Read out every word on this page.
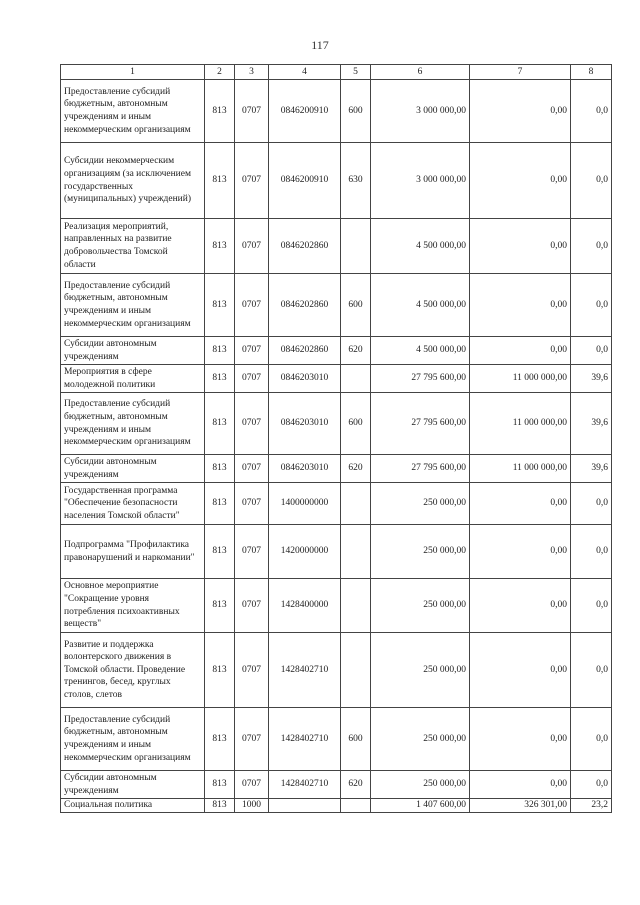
117
1	2	3	4	5	6	7	8
Предоставление субсидий бюджетным, автономным учреждениям и иным некоммерческим организациям	813	0707	0846200910	600	3 000 000,00	0,00	0,0
Субсидии некоммерческим организациям (за исключением государственных (муниципальных) учреждений)	813	0707	0846200910	630	3 000 000,00	0,00	0,0
Реализация мероприятий, направленных на развитие добровольчества Томской области	813	0707	0846202860		4 500 000,00	0,00	0,0
Предоставление субсидий бюджетным, автономным учреждениям и иным некоммерческим организациям	813	0707	0846202860	600	4 500 000,00	0,00	0,0
Субсидии автономным учреждениям	813	0707	0846202860	620	4 500 000,00	0,00	0,0
Мероприятия в сфере молодежной политики	813	0707	0846203010		27 795 600,00	11 000 000,00	39,6
Предоставление субсидий бюджетным, автономным учреждениям и иным некоммерческим организациям	813	0707	0846203010	600	27 795 600,00	11 000 000,00	39,6
Субсидии автономным учреждениям	813	0707	0846203010	620	27 795 600,00	11 000 000,00	39,6
Государственная программа "Обеспечение безопасности населения Томской области"	813	0707	1400000000		250 000,00	0,00	0,0
Подпрограмма "Профилактика правонарушений и наркомании"	813	0707	1420000000		250 000,00	0,00	0,0
Основное мероприятие "Сокращение уровня потребления психоактивных веществ"	813	0707	1428400000		250 000,00	0,00	0,0
Развитие и поддержка волонтерского движения в Томской области. Проведение тренингов, бесед, круглых столов, слетов	813	0707	1428402710		250 000,00	0,00	0,0
Предоставление субсидий бюджетным, автономным учреждениям и иным некоммерческим организациям	813	0707	1428402710	600	250 000,00	0,00	0,0
Субсидии автономным учреждениям	813	0707	1428402710	620	250 000,00	0,00	0,0
Социальная политика	813	1000			1 407 600,00	326 301,00	23,2
